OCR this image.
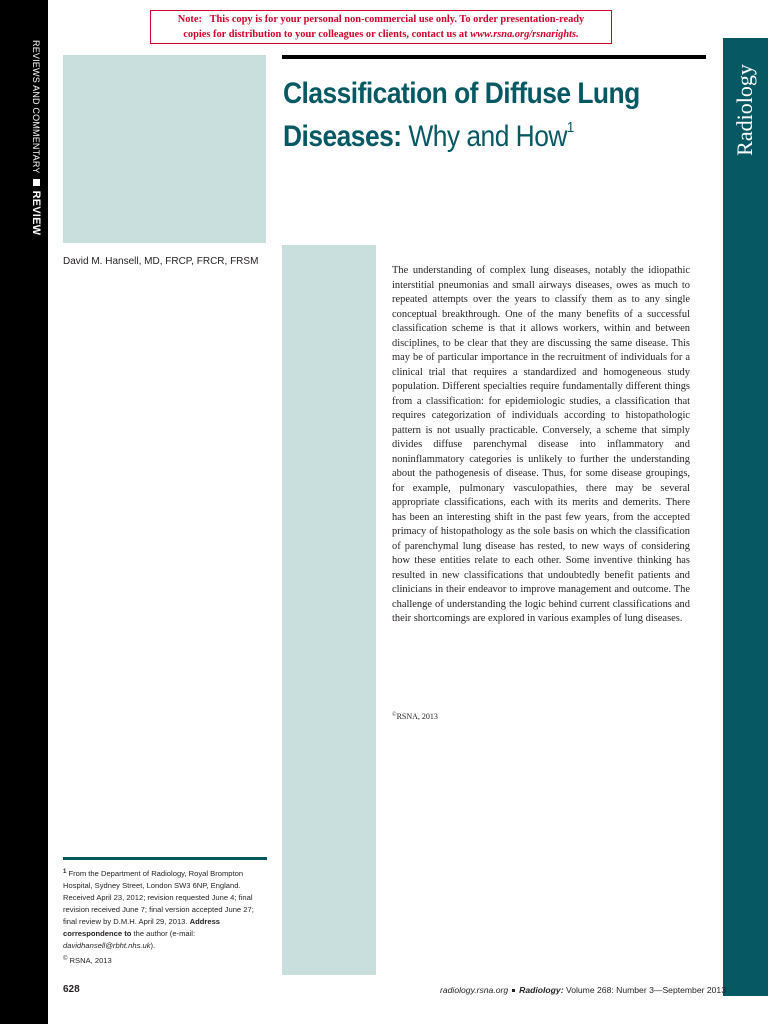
REVIEWS AND COMMENTARYREVIEW
Radiology
Note: This copy is for your personal non-commercial use only. To order presentation-ready
copies for distribution to your colleagues or clients, contact us at www.rsna.org/rsnarights.
Classification of Diffuse Lung Diseases: Why and How$^1$
David M. Hansell, MD, FRCP, FRCR, FRSM
The understanding of complex lung diseases, notably the idiopathic interstitial pneumonias and small airways diseases, owes as much to repeated attempts over the years to classify them as to any single conceptual breakthrough. One of the many benefits of a successful classification scheme is that it allows workers, within and between disciplines, to be clear that they are discussing the same disease. This may be of particular importance in the recruitment of individuals for a clinical trial that requires a standardized and homogeneous study population. Different specialties require fundamentally different things from a classification: for epidemiologic studies, a classification that requires categorization of individuals according to histopathologic pattern is not usually practicable. Conversely, a scheme that simply divides diffuse parenchymal disease into inflammatory and noninflammatory categories is unlikely to further the understanding about the pathogenesis of disease. Thus, for some disease groupings, for example, pulmonary vasculopathies, there may be several appropriate classifications, each with its merits and demerits. There has been an interesting shift in the past few years, from the accepted primacy of histopathology as the sole basis on which the classification of parenchymal lung disease has rested, to new ways of considering how these entities relate to each other. Some inventive thinking has resulted in new classifications that undoubtedly benefit patients and clinicians in their endeavor to improve management and outcome. The challenge of understanding the logic behind current classifications and their shortcomings are explored in various examples of lung diseases.
©RSNA, 2013
$^1$ From the Department of Radiology, Royal Brompton Hospital, Sydney Street, London SW3 6NP, England. Received April 23, 2012; revision requested June 4; final revision received June 7; final version accepted June 27; final review by D.M.H. April 29, 2013. Address correspondence to the author (e-mail: davidhansell@rbht.nhs.uk).
© RSNA, 2013
628	radiology.rsna.org Radiology: Volume 268: Number 3—September 2013
